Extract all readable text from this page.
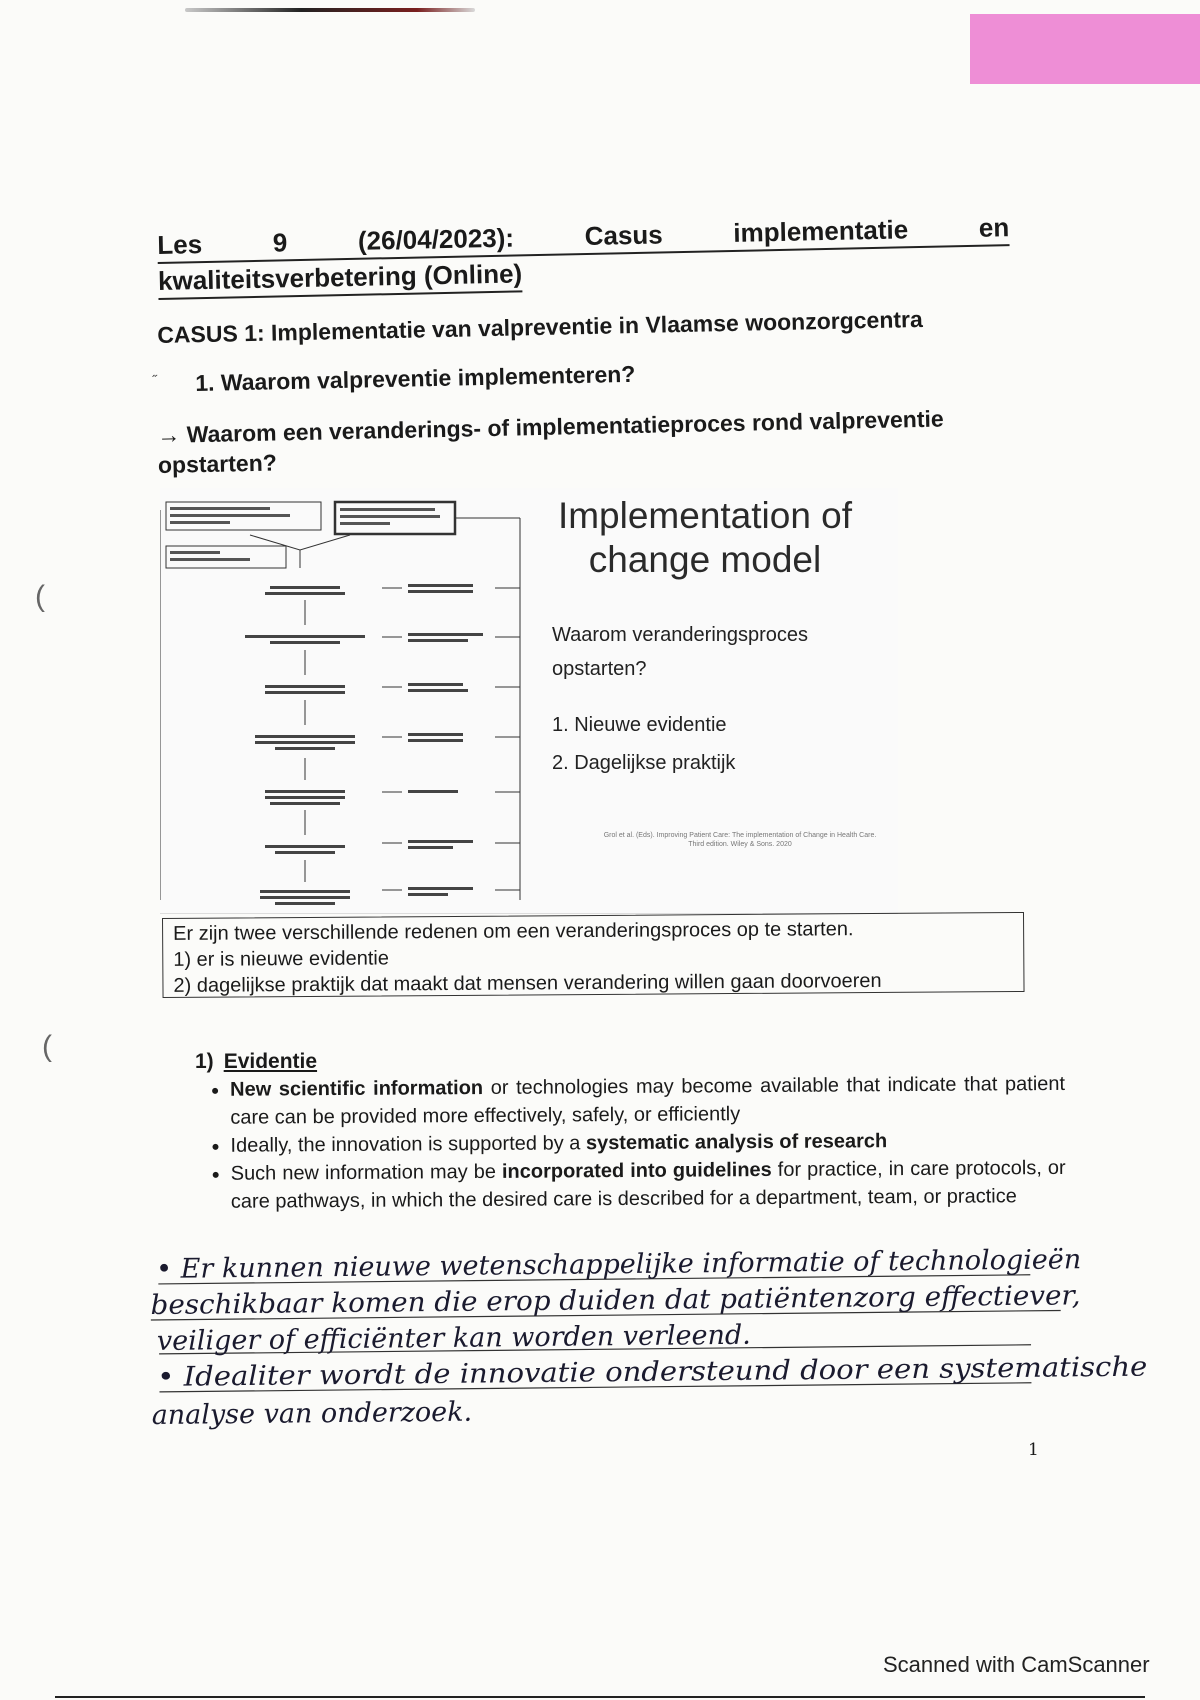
Les	9	(26/04/2023):	Casus	implementatie	en
kwaliteitsverbetering (Online)
CASUS 1: Implementatie van valpreventie in Vlaamse woonzorgcentra
˝ 1. Waarom valpreventie implementeren?
→ Waarom een veranderings- of implementatieproces rond valpreventie opstarten?
Implementation of
change model
Waarom veranderingsproces opstarten?
1. Nieuwe evidentie
2. Dagelijkse praktijk
Grol et al. (Eds). Improving Patient Care: The implementation of Change in Health Care. Third edition. Wiley & Sons. 2020
(
(
Er zijn twee verschillende redenen om een veranderingsproces op te starten.
1) er is nieuwe evidentie
2) dagelijkse praktijk dat maakt dat mensen verandering willen gaan doorvoeren
1) Evidentie
• New scientific information or technologies may become available that indicate that patient care can be provided more effectively, safely, or efficiently
• Ideally, the innovation is supported by a systematic analysis of research
• Such new information may be incorporated into guidelines for practice, in care protocols, or care pathways, in which the desired care is described for a department, team, or practice
• Er kunnen nieuwe wetenschappelijke informatie of technologieën
beschikbaar komen die erop duiden dat patiëntenzorg effectiever,
veiliger of efficiënter kan worden verleend.
• Idealiter wordt de innovatie ondersteund door een systematische
analyse van onderzoek.
1
Scanned with CamScanner
